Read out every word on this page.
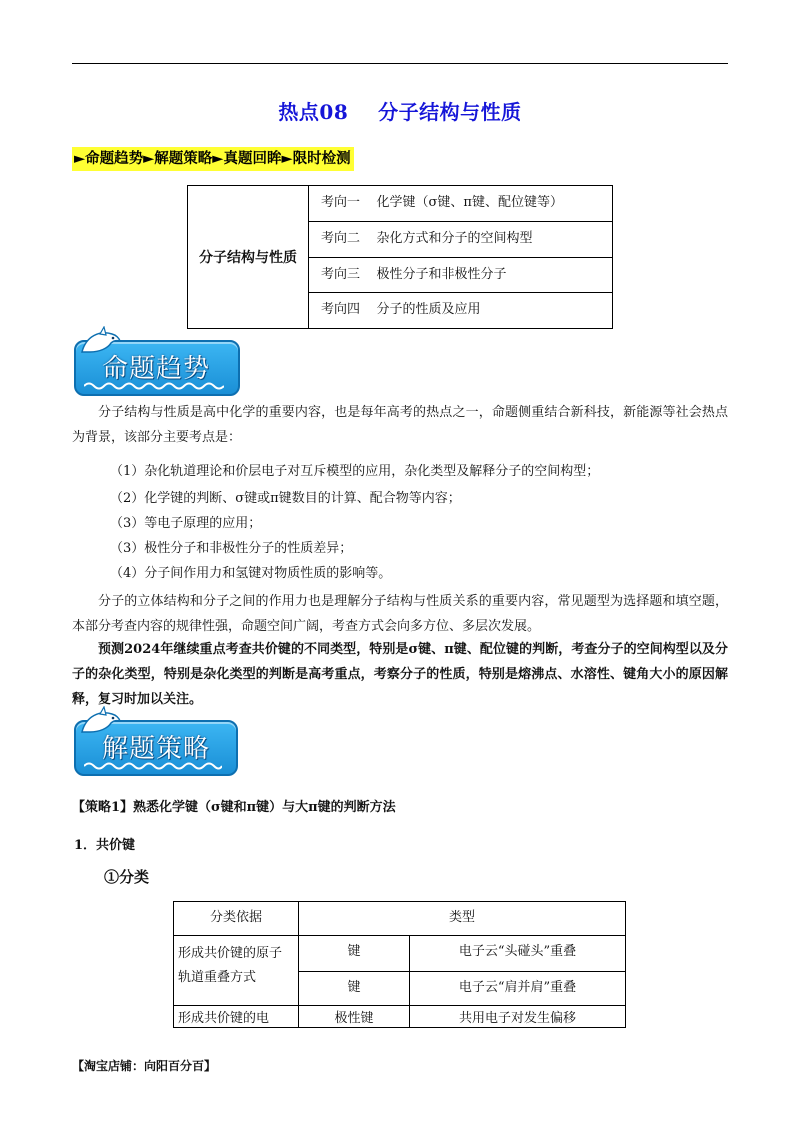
热点08    分子结构与性质
►命题趋势►解题策略►真题回眸►限时检测
分子结构与性质	考向一    化学键（σ键、π键、配位键等）
考向二    杂化方式和分子的空间构型
考向三    极性分子和非极性分子
考向四    分子的性质及应用
命题趋势
分子结构与性质是高中化学的重要内容，也是每年高考的热点之一，命题侧重结合新科技，新能源等社会热点为背景，该部分主要考点是：
（1）杂化轨道理论和价层电子对互斥模型的应用，杂化类型及解释分子的空间构型；
（2）化学键的判断、σ键或π键数目的计算、配合物等内容；
（3）等电子原理的应用；
（3）极性分子和非极性分子的性质差异；
（4）分子间作用力和氢键对物质性质的影响等。
分子的立体结构和分子之间的作用力也是理解分子结构与性质关系的重要内容，常见题型为选择题和填空题，本部分考查内容的规律性强，命题空间广阔，考查方式会向多方位、多层次发展。
预测2024年继续重点考查共价键的不同类型，特别是σ键、π键、配位键的判断，考查分子的空间构型以及分子的杂化类型，特别是杂化类型的判断是高考重点，考察分子的性质，特别是熔沸点、水溶性、键角大小的原因解释，复习时加以关注。
解题策略
【策略1】熟悉化学键（σ键和π键）与大π键的判断方法
1．共价键
①分类
分类依据	类型	
形成共价键的原子轨道重叠方式	键	电子云“头碰头”重叠
	键	电子云“肩并肩”重叠
形成共价键的电	极性键	共用电子对发生偏移
【淘宝店铺：向阳百分百】
